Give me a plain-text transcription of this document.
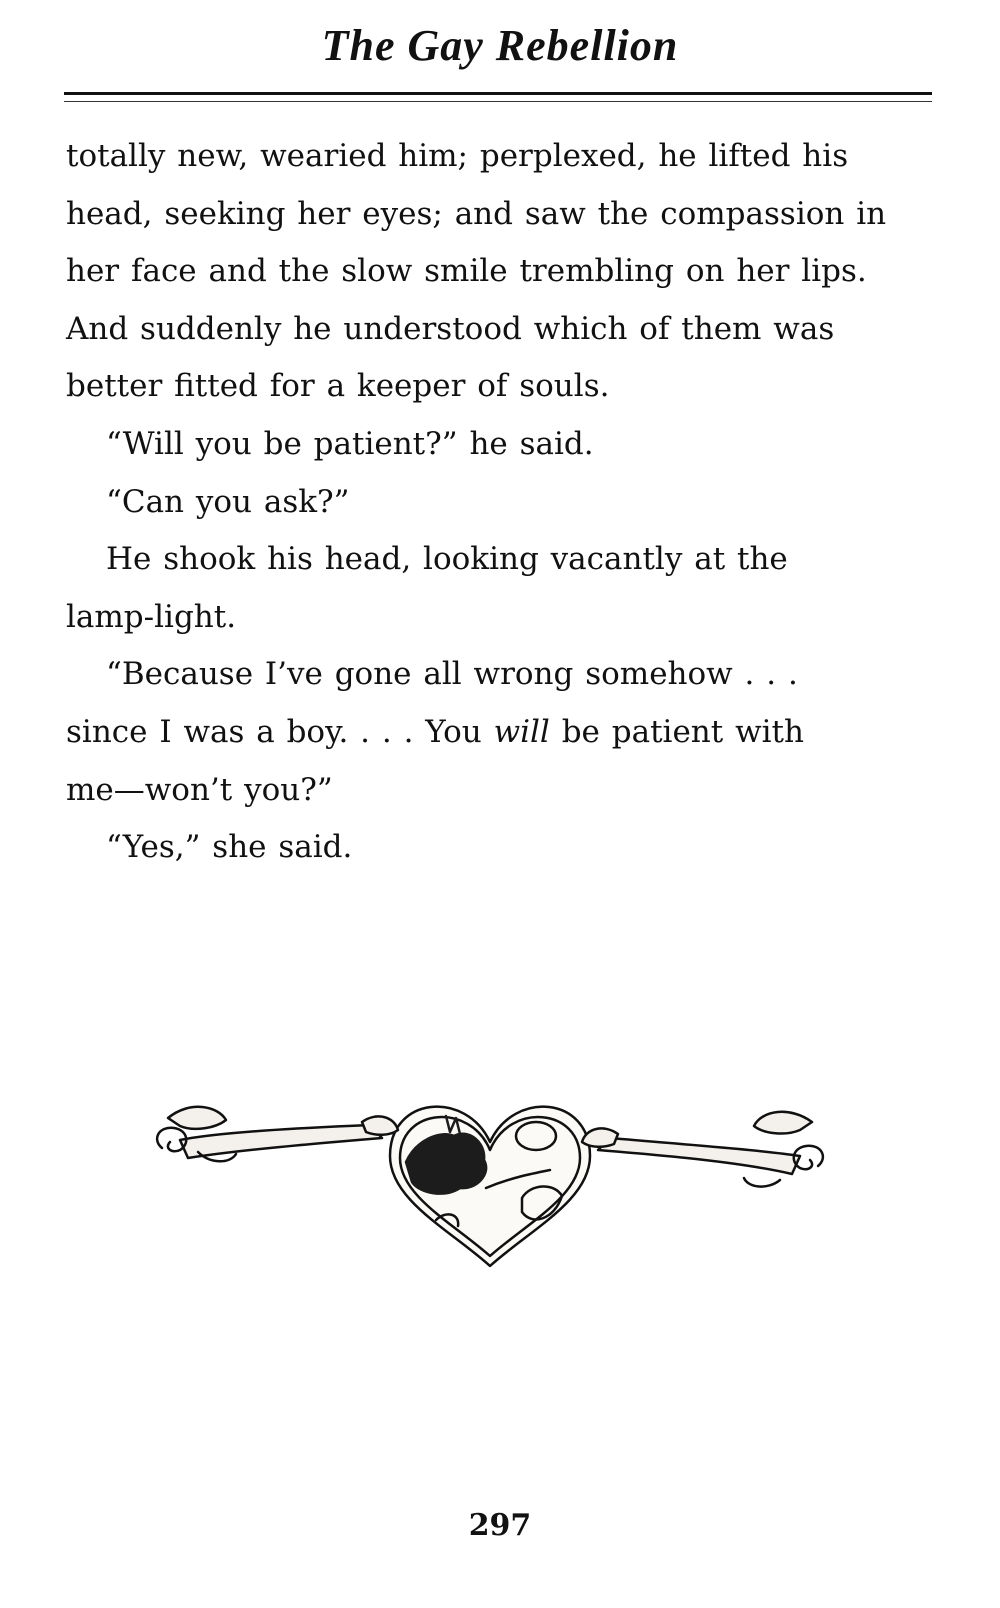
The Gay Rebellion
totally new, wearied him; perplexed, he lifted his
head, seeking her eyes; and saw the compassion in
her face and the slow smile trembling on her lips.
And suddenly he understood which of them was
better fitted for a keeper of souls.
“Will you be patient?” he said.
“Can you ask?”
He shook his head, looking vacantly at the
lamp-light.
“Because I’ve gone all wrong somehow . . .
since I was a boy. . . . You will be patient with
me—won’t you?”
“Yes,” she said.
297
